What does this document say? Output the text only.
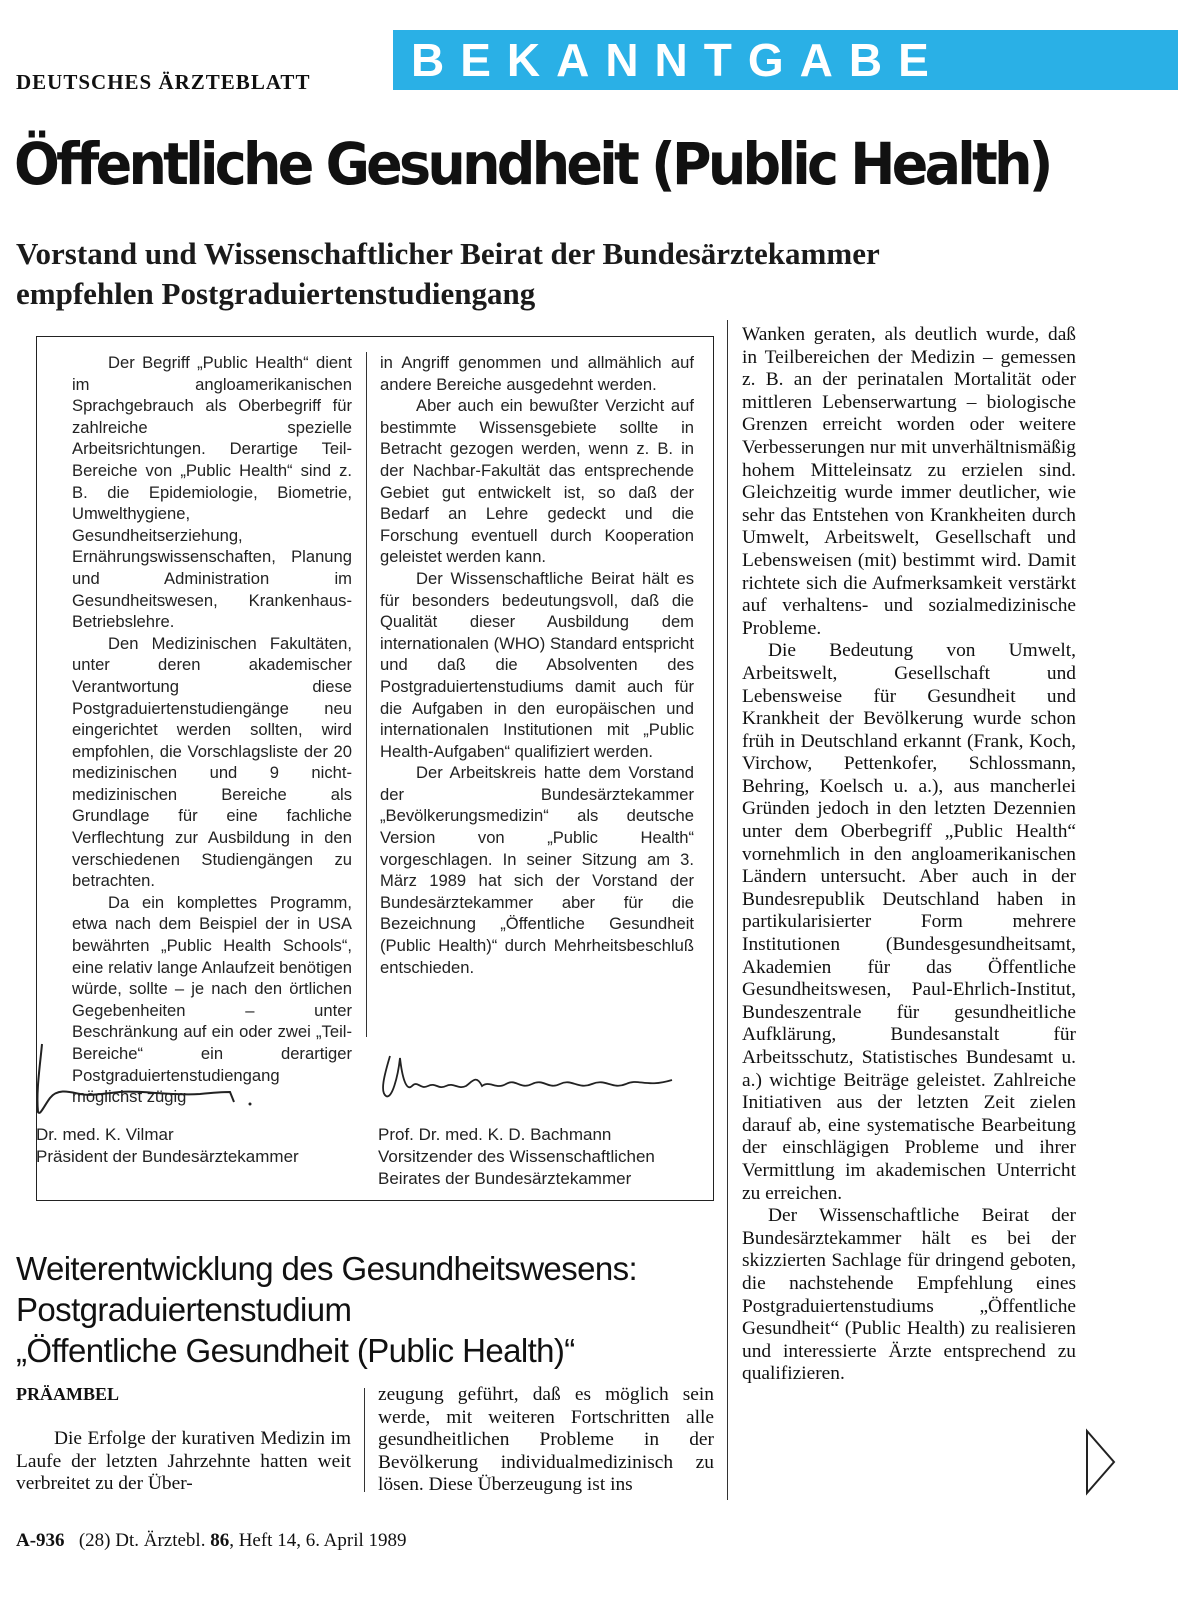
DEUTSCHES ÄRZTEBLATT	BEKANNTGABE
Öffentliche Gesundheit (Public Health)
Vorstand und Wissenschaftlicher Beirat der Bundesärztekammer
empfehlen Postgraduiertenstudiengang

Der Begriff „Public Health“ dient im angloamerikanischen Sprachgebrauch als Oberbegriff für zahlreiche spezielle Arbeitsrichtungen. Derartige Teil-Bereiche von „Public Health“ sind z. B. die Epidemiologie, Biometrie, Umwelthygiene, Gesundheitserziehung, Ernährungswissenschaften, Planung und Administration im Gesundheitswesen, Krankenhaus-Betriebslehre.

Den Medizinischen Fakultäten, unter deren akademischer Verantwortung diese Postgraduiertenstudiengänge neu eingerichtet werden sollten, wird empfohlen, die Vorschlagsliste der 20 medizinischen und 9 nicht-medizinischen Bereiche als Grundlage für eine fachliche Verflechtung zur Ausbildung in den verschiedenen Studiengängen zu betrachten.

Da ein komplettes Programm, etwa nach dem Beispiel der in USA bewährten „Public Health Schools“, eine relativ lange Anlaufzeit benötigen würde, sollte – je nach den örtlichen Gegebenheiten – unter Beschränkung auf ein oder zwei „Teil-Bereiche“ ein derartiger Postgraduiertenstudiengang möglichst zügig

in Angriff genommen und allmählich auf andere Bereiche ausgedehnt werden.

Aber auch ein bewußter Verzicht auf bestimmte Wissensgebiete sollte in Betracht gezogen werden, wenn z. B. in der Nachbar-Fakultät das entsprechende Gebiet gut entwickelt ist, so daß der Bedarf an Lehre gedeckt und die Forschung eventuell durch Kooperation geleistet werden kann.

Der Wissenschaftliche Beirat hält es für besonders bedeutungsvoll, daß die Qualität dieser Ausbildung dem internationalen (WHO) Standard entspricht und daß die Absolventen des Postgraduiertenstudiums damit auch für die Aufgaben in den europäischen und internationalen Institutionen mit „Public Health-Aufgaben“ qualifiziert werden.

Der Arbeitskreis hatte dem Vorstand der Bundesärztekammer „Bevölkerungsmedizin“ als deutsche Version von „Public Health“ vorgeschlagen. In seiner Sitzung am 3. März 1989 hat sich der Vorstand der Bundesärztekammer aber für die Bezeichnung „Öffentliche Gesundheit (Public Health)“ durch Mehrheitsbeschluß entschieden.

Dr. med. K. Vilmar
Präsident der Bundesärztekammer
Prof. Dr. med. K. D. Bachmann
Vorsitzender des Wissenschaftlichen
Beirates der Bundesärztekammer

Wanken geraten, als deutlich wurde, daß in Teilbereichen der Medizin – gemessen z. B. an der perinatalen Mortalität oder mittleren Lebenserwartung – biologische Grenzen erreicht worden oder weitere Verbesserungen nur mit unverhältnismäßig hohem Mitteleinsatz zu erzielen sind. Gleichzeitig wurde immer deutlicher, wie sehr das Entstehen von Krankheiten durch Umwelt, Arbeitswelt, Gesellschaft und Lebensweisen (mit) bestimmt wird. Damit richtete sich die Aufmerksamkeit verstärkt auf verhaltens- und sozialmedizinische Probleme.

Die Bedeutung von Umwelt, Arbeitswelt, Gesellschaft und Lebensweise für Gesundheit und Krankheit der Bevölkerung wurde schon früh in Deutschland erkannt (Frank, Koch, Virchow, Pettenkofer, Schlossmann, Behring, Koelsch u. a.), aus mancherlei Gründen jedoch in den letzten Dezennien unter dem Oberbegriff „Public Health“ vornehmlich in den angloamerikanischen Ländern untersucht. Aber auch in der Bundesrepublik Deutschland haben in partikularisierter Form mehrere Institutionen (Bundesgesundheitsamt, Akademien für das Öffentliche Gesundheitswesen, Paul-Ehrlich-Institut, Bundeszentrale für gesundheitliche Aufklärung, Bundesanstalt für Arbeitsschutz, Statistisches Bundesamt u. a.) wichtige Beiträge geleistet. Zahlreiche Initiativen aus der letzten Zeit zielen darauf ab, eine systematische Bearbeitung der einschlägigen Probleme und ihrer Vermittlung im akademischen Unterricht zu erreichen.

Der Wissenschaftliche Beirat der Bundesärztekammer hält es bei der skizzierten Sachlage für dringend geboten, die nachstehende Empfehlung eines Postgraduiertenstudiums „Öffentliche Gesundheit“ (Public Health) zu realisieren und interessierte Ärzte entsprechend zu qualifizieren.

Weiterentwicklung des Gesundheitswesens:
Postgraduiertenstudium
„Öffentliche Gesundheit (Public Health)“
PRÄAMBEL

Die Erfolge der kurativen Medizin im Laufe der letzten Jahrzehnte hatten weit verbreitet zu der Über-

zeugung geführt, daß es möglich sein werde, mit weiteren Fortschritten alle gesundheitlichen Probleme in der Bevölkerung individualmedizinisch zu lösen. Diese Überzeugung ist ins

A-936 (28) Dt. Ärztebl. 86, Heft 14, 6. April 1989
